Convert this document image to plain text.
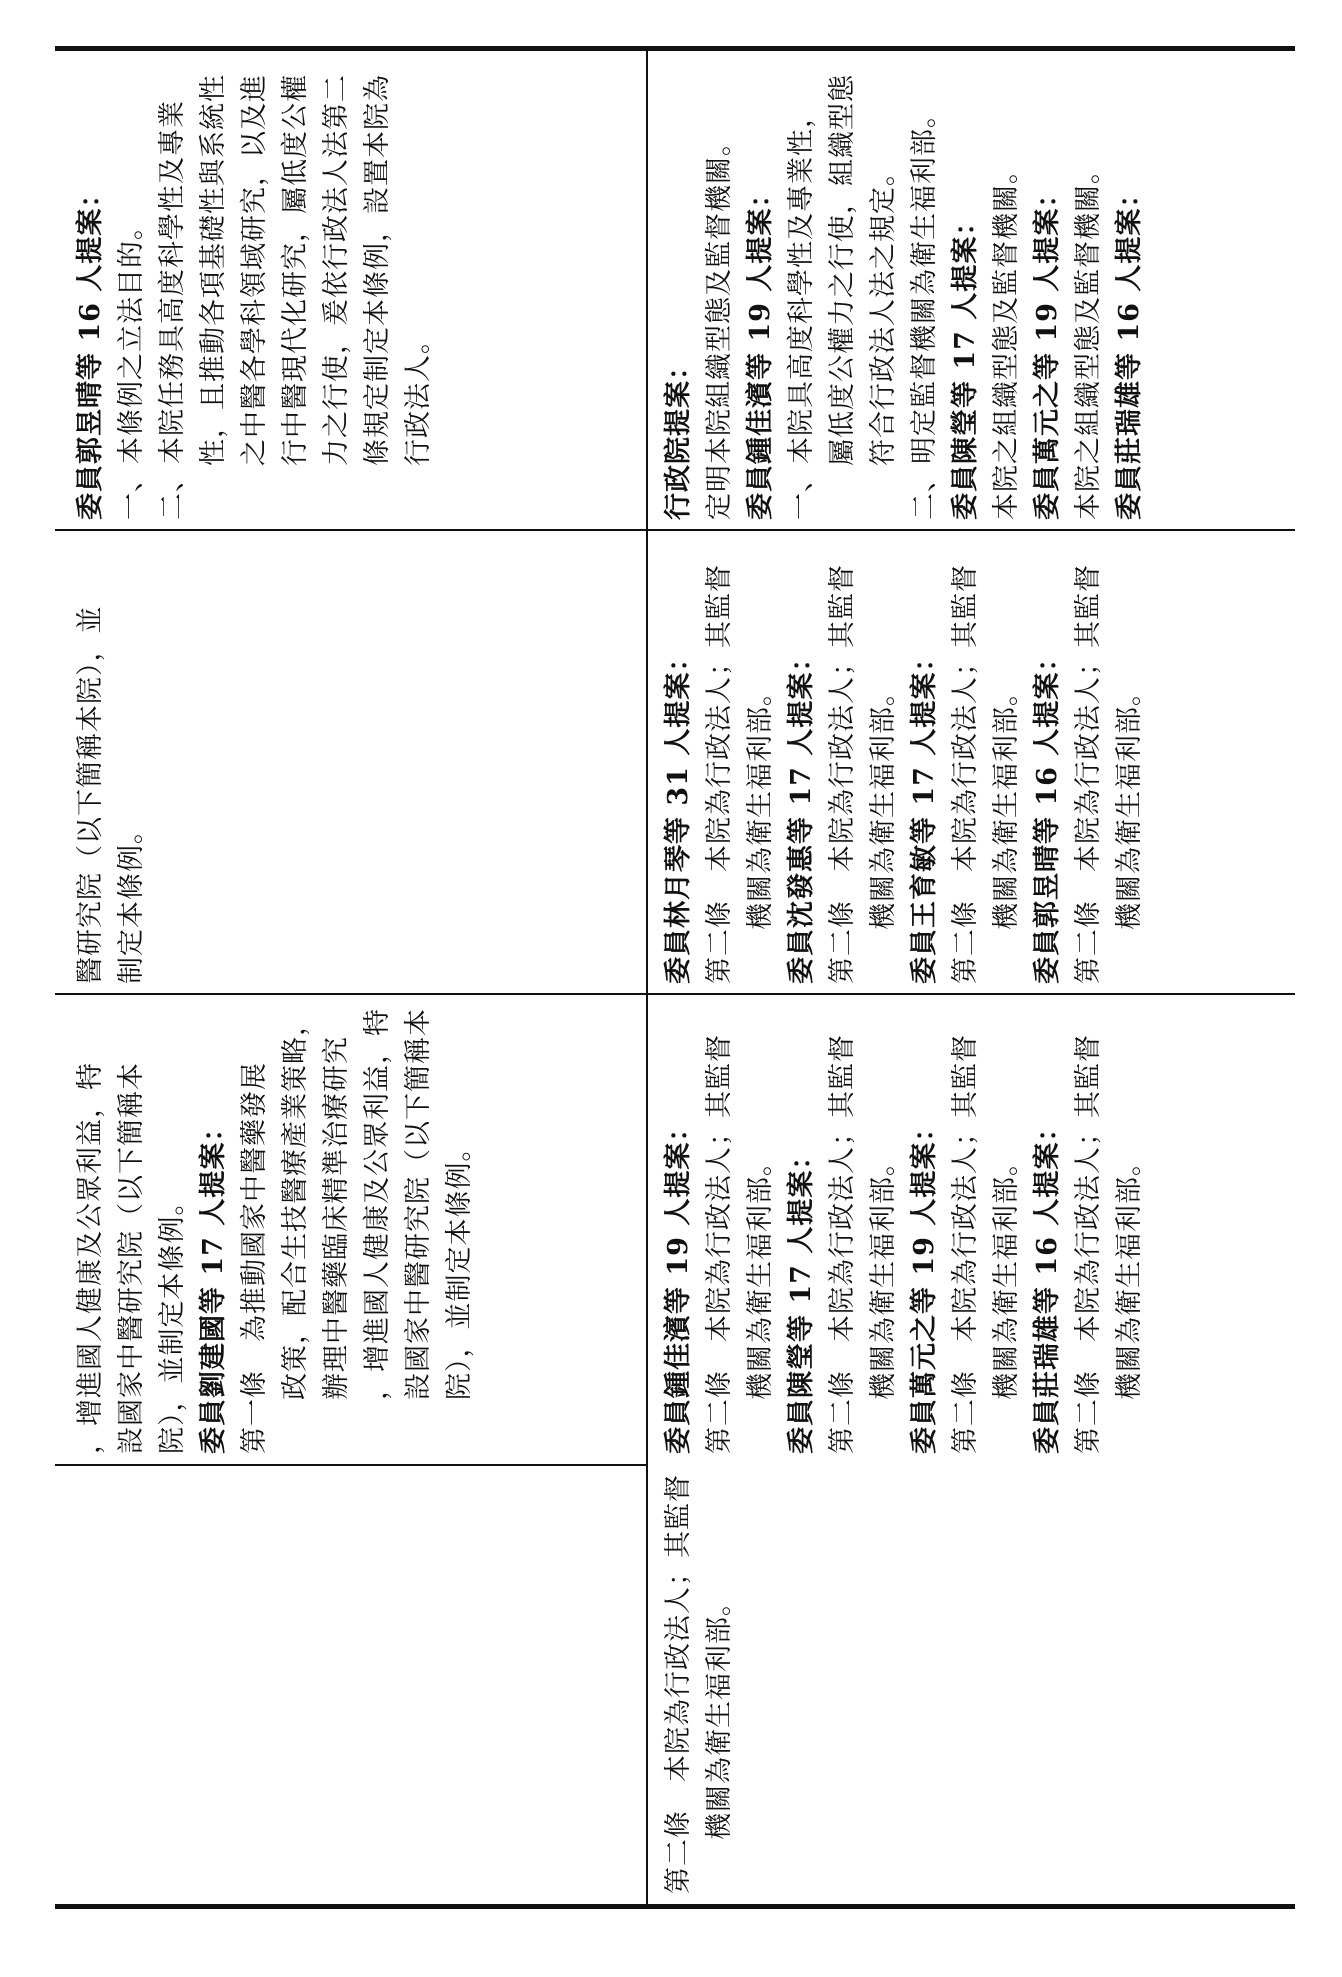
委員郭昱晴等 16 人提案： 一、本條例之立法目的。 二、本院任務具高度科學性及專業 性，且推動各項基礎性與系統性 之中醫各學科領域研究，以及進 行中醫現代化研究，屬低度公權 力之行使，爰依行政法人法第二 條規定制定本條例，設置本院為 行政法人。
醫研究院（以下簡稱本院），並 制定本條例。
，增進國人健康及公眾利益，特 設國家中醫研究院（以下簡稱本 院），並制定本條例。 委員劉建國等 17 人提案： 第一條　為推動國家中醫藥發展 政策，配合生技醫療產業策略， 辦理中醫藥臨床精準治療研究 ，增進國人健康及公眾利益，特 設國家中醫研究院（以下簡稱本 院），並制定本條例。
行政院提案： 定明本院組織型態及監督機關。 委員鍾佳濱等 19 人提案： 一、本院具高度科學性及專業性， 屬低度公權力之行使，組織型態 符合行政法人法之規定。 二、明定監督機關為衛生福利部。 委員陳瑩等 17 人提案： 本院之組織型態及監督機關。 委員萬元之等 19 人提案： 本院之組織型態及監督機關。 委員莊瑞雄等 16 人提案：
委員林月琴等 31 人提案： 第二條　本院為行政法人；其監督 機關為衛生福利部。 委員沈發惠等 17 人提案： 第二條　本院為行政法人；其監督 機關為衛生福利部。 委員王育敏等 17 人提案： 第二條　本院為行政法人；其監督 機關為衛生福利部。 委員郭昱晴等 16 人提案： 第二條　本院為行政法人；其監督 機關為衛生福利部。
委員鍾佳濱等 19 人提案： 第二條　本院為行政法人；其監督 機關為衛生福利部。 委員陳瑩等 17 人提案： 第二條　本院為行政法人；其監督 機關為衛生福利部。 委員萬元之等 19 人提案： 第二條　本院為行政法人；其監督 機關為衛生福利部。 委員莊瑞雄等 16 人提案： 第二條　本院為行政法人；其監督 機關為衛生福利部。
第二條　本院為行政法人；其監督 機關為衛生福利部。
